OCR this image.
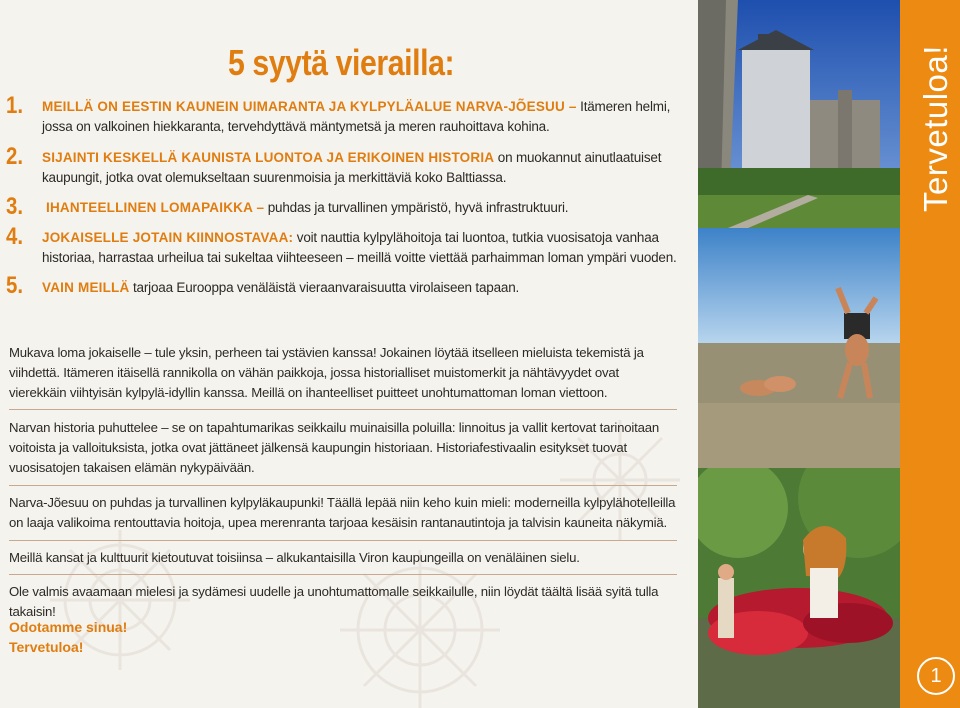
5 syytä vierailla:
1. MEILLÄ ON EESTIN KAUNEIN UIMARANTA JA KYLPYLÄALUE NARVA-JÕESUU – Itämeren helmi, jossa on valkoinen hiekkaranta, tervehdyttävä mäntymetsä ja meren rauhoittava kohina.
2. SIJAINTI KESKELLÄ KAUNISTA LUONTOA JA ERIKOINEN HISTORIA on muokannut ainutlaatuiset kaupungit, jotka ovat olemukseltaan suurenmoisia ja merkittäviä koko Balttiassa.
3. IHANTEELLINEN LOMAPAIKKA – puhdas ja turvallinen ympäristö, hyvä infrastruktuuri.
4. JOKAISELLE JOTAIN KIINNOSTAVAA: voit nauttia kylpylähoitoja tai luontoa, tutkia vuosisatoja vanhaa historiaa, harrastaa urheilua tai sukeltaa viihteeseen – meillä voitte viettää parhaimman loman ympäri vuoden.
5. VAIN MEILLÄ tarjoaa Eurooppa venäläistä vieraanvaraisuutta virolaiseen tapaan.
Mukava loma jokaiselle – tule yksin, perheen tai ystävien kanssa! Jokainen löytää itselleen mieluista tekemistä ja viihdettä. Itämeren itäisellä rannikolla on vähän paikkoja, jossa historialliset muistomerkit ja nähtävyydet ovat vierekkäin viihtyisän kylpylä-idyllin kanssa. Meillä on ihanteelliset puitteet unohtumattoman loman viettoon.
Narvan historia puhuttelee – se on tapahtumarikas seikkailu muinaisilla poluilla: linnoitus ja vallit kertovat tarinoitaan voitoista ja valloituksista, jotka ovat jättäneet jälkensä kaupungin historiaan. Historiafestivaalin esitykset tuovat vuosisatojen takaisen elämän nykypäivään.
Narva-Jõesuu on puhdas ja turvallinen kylpyläkaupunki! Täällä lepää niin keho kuin mieli: moderneilla kylpylähotelleilla on laaja valikoima rentouttavia hoitoja, upea merenranta tarjoaa kesäisin rantanautintoja ja talvisin kauneita näkymiä.
Meillä kansat ja kulttuurit kietoutuvat toisiinsa – alkukantaisilla Viron kaupungeilla on venäläinen sielu.
Ole valmis avaamaan mielesi ja sydämesi uudelle ja unohtumattomalle seikkailulle, niin löydät täältä lisää syitä tulla takaisin!
Odotamme sinua!
Tervetuloa!
Tervetuloa!
1
